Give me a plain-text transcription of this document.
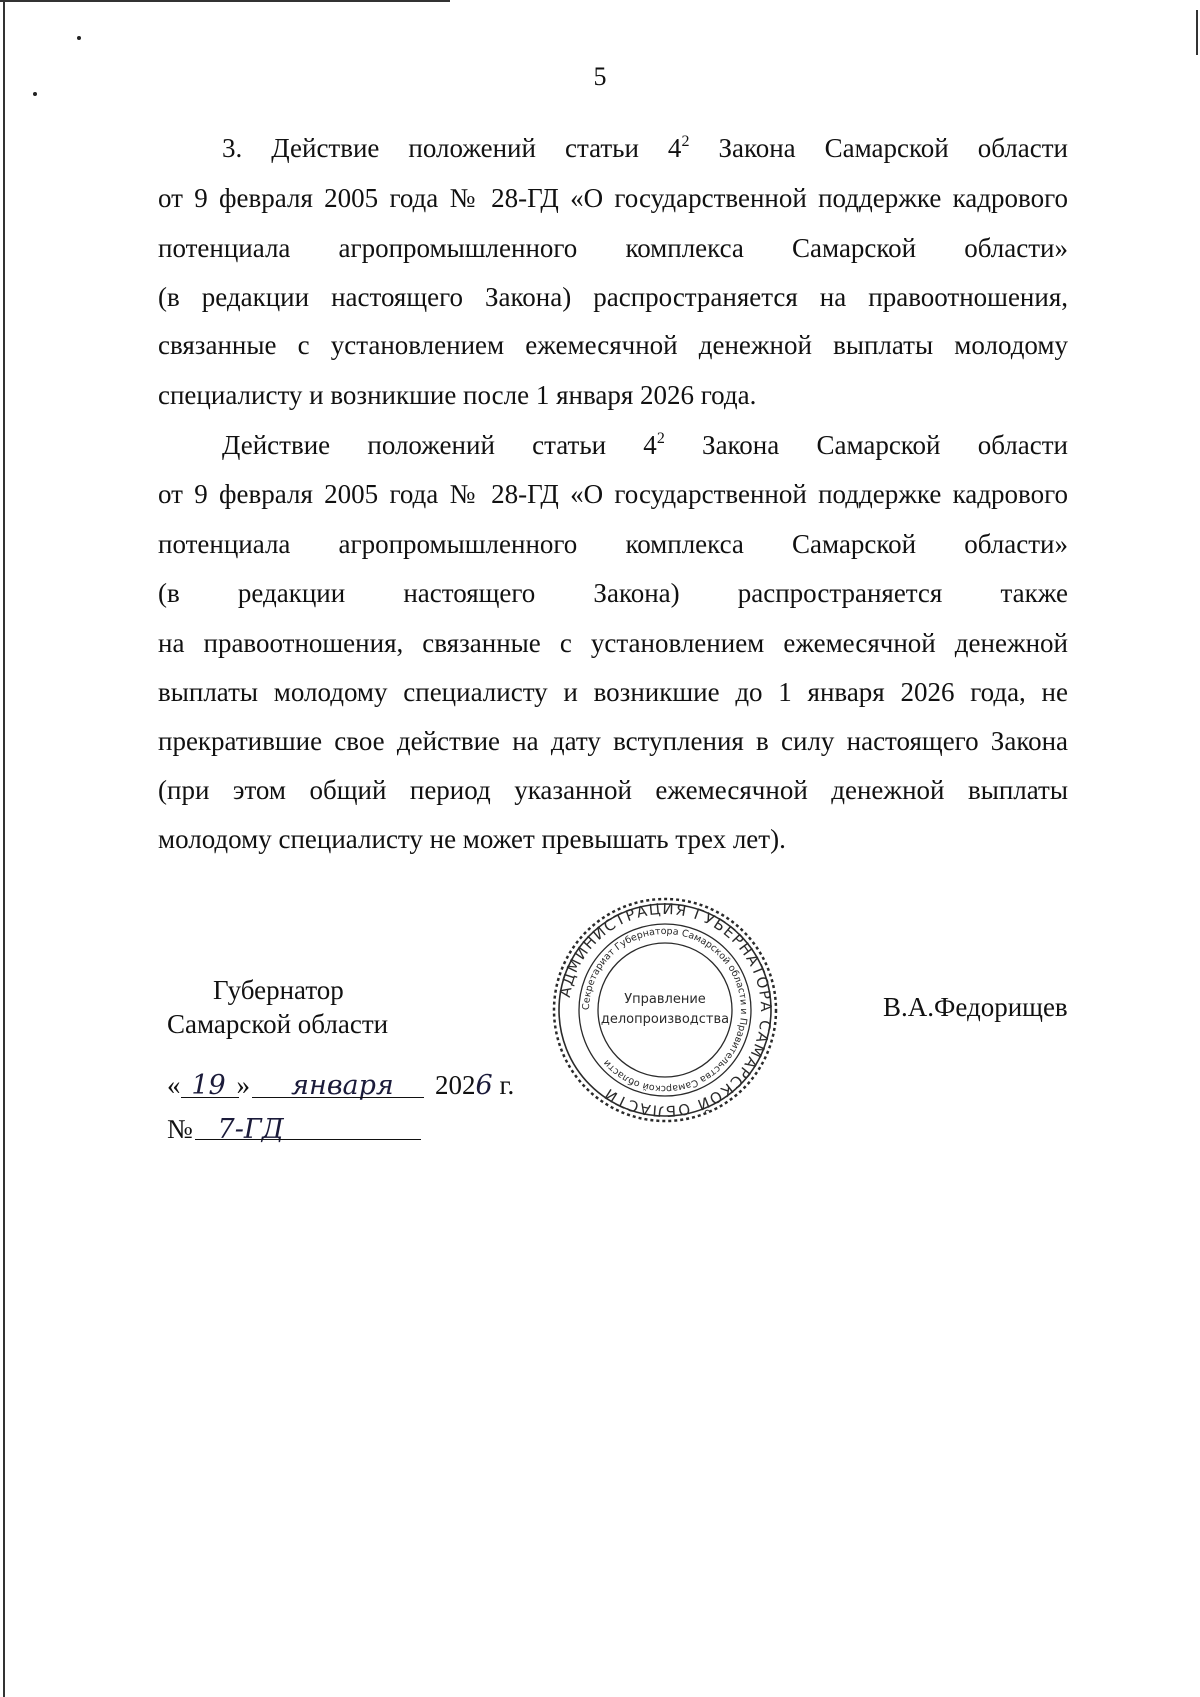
5
3. Действие положений статьи $4^2$ Закона Самарской области
от 9 февраля 2005 года № 28-ГД «О государственной поддержке кадрового
потенциала агропромышленного комплекса Самарской области»
(в редакции настоящего Закона) распространяется на правоотношения,
связанные с установлением ежемесячной денежной выплаты молодому
специалисту и возникшие после 1 января 2026 года.
Действие положений статьи $4^2$ Закона Самарской области
от 9 февраля 2005 года № 28-ГД «О государственной поддержке кадрового
потенциала агропромышленного комплекса Самарской области»
(в редакции настоящего Закона) распространяется также
на правоотношения, связанные с установлением ежемесячной денежной
выплаты молодому специалисту и возникшие до 1 января 2026 года, не
прекратившие свое действие на дату вступления в силу настоящего Закона
(при этом общий период указанной ежемесячной денежной выплаты
молодому специалисту не может превышать трех лет).
Губернатор
Самарской области
В.А.Федорищев
« 19 » января 2026 г.
№ 7-ГД
АДМИНИСТРАЦИЯ ГУБЕРНАТОРА САМАРСКОЙ ОБЛАСТИ
Секретариат Губернатора Самарской области и Правительства Самарской области
Управление
делопроизводства
